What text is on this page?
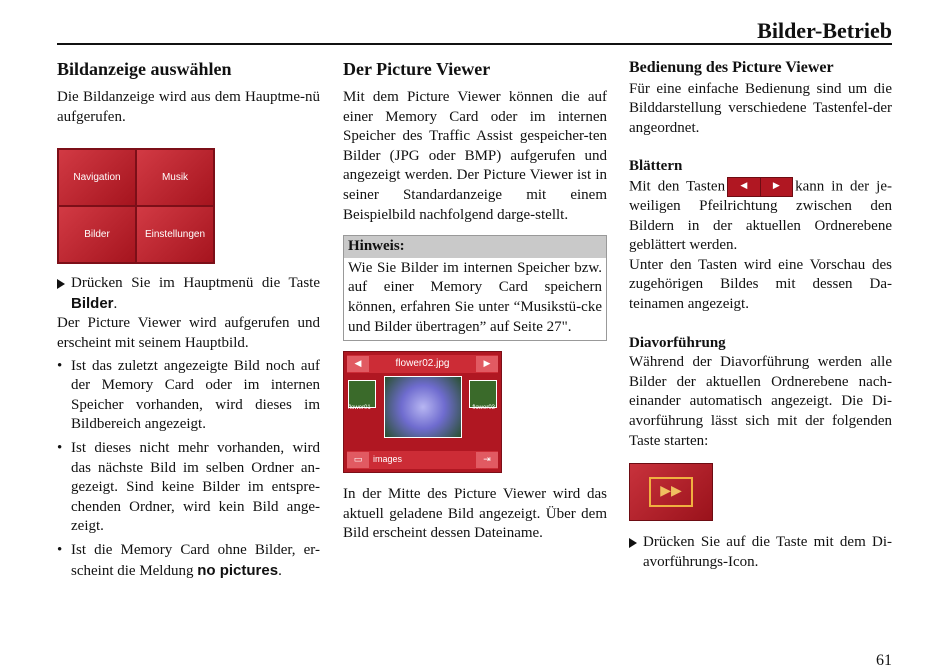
Bilder-Betrieb
Bildanzeige auswählen

Die Bildanzeige wird aus dem Hauptme-nü aufgerufen.

Navigation	Musik
Bilder	Einstellungen
Drücken Sie im Hauptmenü die Taste Bilder.

Der Picture Viewer wird aufgerufen und erscheint mit seinem Hauptbild.

• Ist das zuletzt angezeigte Bild noch auf der Memory Card oder im internen Speicher vorhanden, wird dieses im Bildbereich angezeigt.
• Ist dieses nicht mehr vorhanden, wird das nächste Bild im selben Ordner an-gezeigt. Sind keine Bilder im entspre-chenden Ordner, wird kein Bild ange-zeigt.
• Ist die Memory Card ohne Bilder, er-scheint die Meldung no pictures.
Der Picture Viewer

Mit dem Picture Viewer können die auf einer Memory Card oder im internen Speicher des Traffic Assist gespeicher-ten Bilder (JPG oder BMP) aufgerufen und angezeigt werden. Der Picture Viewer ist in seiner Standardanzeige mit einem Beispielbild nachfolgend darge-stellt.

Hinweis:
Wie Sie Bilder im internen Speicher bzw. auf einer Memory Card speichern können, erfahren Sie unter “Musikstü-cke und Bilder übertragen” auf Seite 27".
◀	flower02.jpg	▶
flower01	flower03
▭	images	⇥

In der Mitte des Picture Viewer wird das aktuell geladene Bild angezeigt. Über dem Bild erscheint dessen Dateiname.

Bedienung des Picture Viewer

Für eine einfache Bedienung sind um die Bilddarstellung verschiedene Tastenfel-der angeordnet.

Blättern

Mit den Tasten	◀	▶	kann in der je-weiligen Pfeilrichtung zwischen den Bildern in der aktuellen Ordnerebene geblättert werden.

Unter den Tasten wird eine Vorschau des zugehörigen Bildes mit dessen Da-teinamen angezeigt.

Diavorführung

Während der Diavorführung werden alle Bilder der aktuellen Ordnerebene nach-einander automatisch angezeigt. Die Di-avorführung lässt sich mit der folgenden Taste starten:

▶▶
Drücken Sie auf die Taste mit dem Di-avorführungs-Icon.
61
